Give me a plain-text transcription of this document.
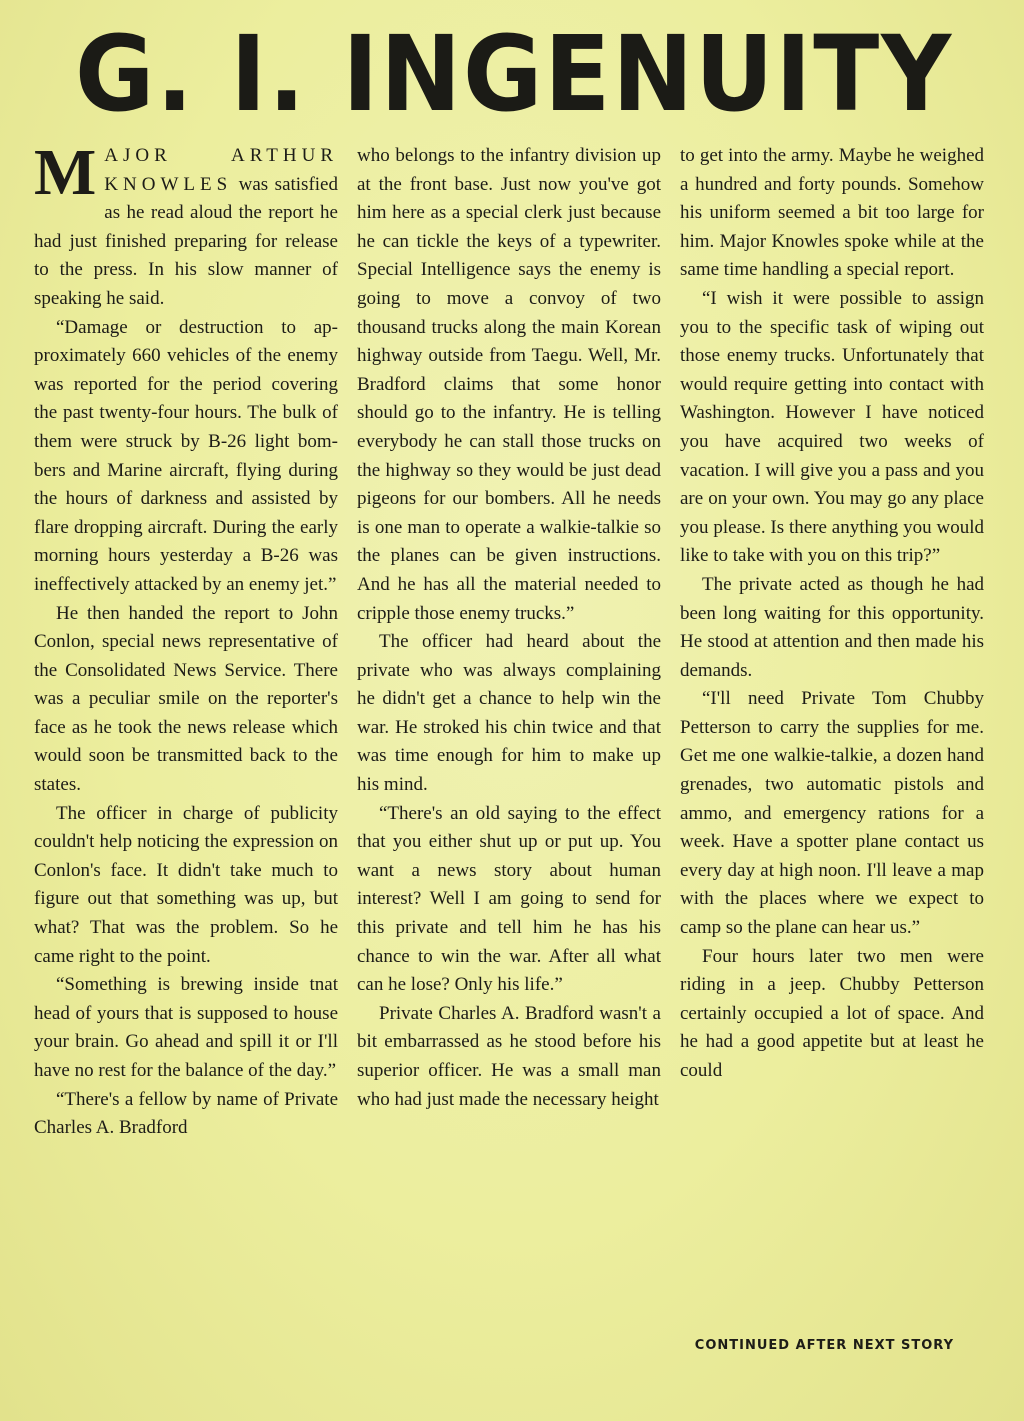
G. I. INGENUITY

MAJOR ARTHUR KNOWLES was satisfied as he read aloud the report he had just finished preparing for release to the press. In his slow manner of speaking he said.

“Damage or destruction to approximately 660 vehicles of the enemy was reported for the period covering the past twenty-four hours. The bulk of them were struck by B-26 light bombers and Marine aircraft, flying during the hours of darkness and assisted by flare dropping aircraft. During the early morning hours yesterday a B-26 was ineffectively attacked by an enemy jet.”

He then handed the report to John Conlon, special news representative of the Consolidated News Service. There was a peculiar smile on the reporter's face as he took the news release which would soon be transmitted back to the states.

The officer in charge of publicity couldn't help noticing the expression on Conlon's face. It didn't take much to figure out that something was up, but what? That was the problem. So he came right to the point.

“Something is brewing inside tnat head of yours that is supposed to house your brain. Go ahead and spill it or I'll have no rest for the balance of the day.”

“There's a fellow by name of Private Charles A. Bradford

who belongs to the infantry division up at the front base. Just now you've got him here as a special clerk just because he can tickle the keys of a typewriter. Special Intelligence says the enemy is going to move a convoy of two thousand trucks along the main Korean highway outside from Taegu. Well, Mr. Bradford claims that some honor should go to the infantry. He is telling everybody he can stall those trucks on the highway so they would be just dead pigeons for our bombers. All he needs is one man to operate a walkie-talkie so the planes can be given instructions. And he has all the material needed to cripple those enemy trucks.”

The officer had heard about the private who was always complaining he didn't get a chance to help win the war. He stroked his chin twice and that was time enough for him to make up his mind.

“There's an old saying to the effect that you either shut up or put up. You want a news story about human interest? Well I am going to send for this private and tell him he has his chance to win the war. After all what can he lose? Only his life.”

Private Charles A. Bradford wasn't a bit embarrassed as he stood before his superior officer. He was a small man who had just made the necessary height

to get into the army. Maybe he weighed a hundred and forty pounds. Somehow his uniform seemed a bit too large for him. Major Knowles spoke while at the same time handling a special report.

“I wish it were possible to assign you to the specific task of wiping out those enemy trucks. Unfortunately that would require getting into contact with Washington. However I have noticed you have acquired two weeks of vacation. I will give you a pass and you are on your own. You may go any place you please. Is there anything you would like to take with you on this trip?”

The private acted as though he had been long waiting for this opportunity. He stood at attention and then made his demands.

“I'll need Private Tom Chubby Petterson to carry the supplies for me. Get me one walkie-talkie, a dozen hand grenades, two automatic pistols and ammo, and emergency rations for a week. Have a spotter plane contact us every day at high noon. I'll leave a map with the places where we expect to camp so the plane can hear us.”

Four hours later two men were riding in a jeep. Chubby Petterson certainly occupied a lot of space. And he had a good appetite but at least he could

CONTINUED AFTER NEXT STORY
